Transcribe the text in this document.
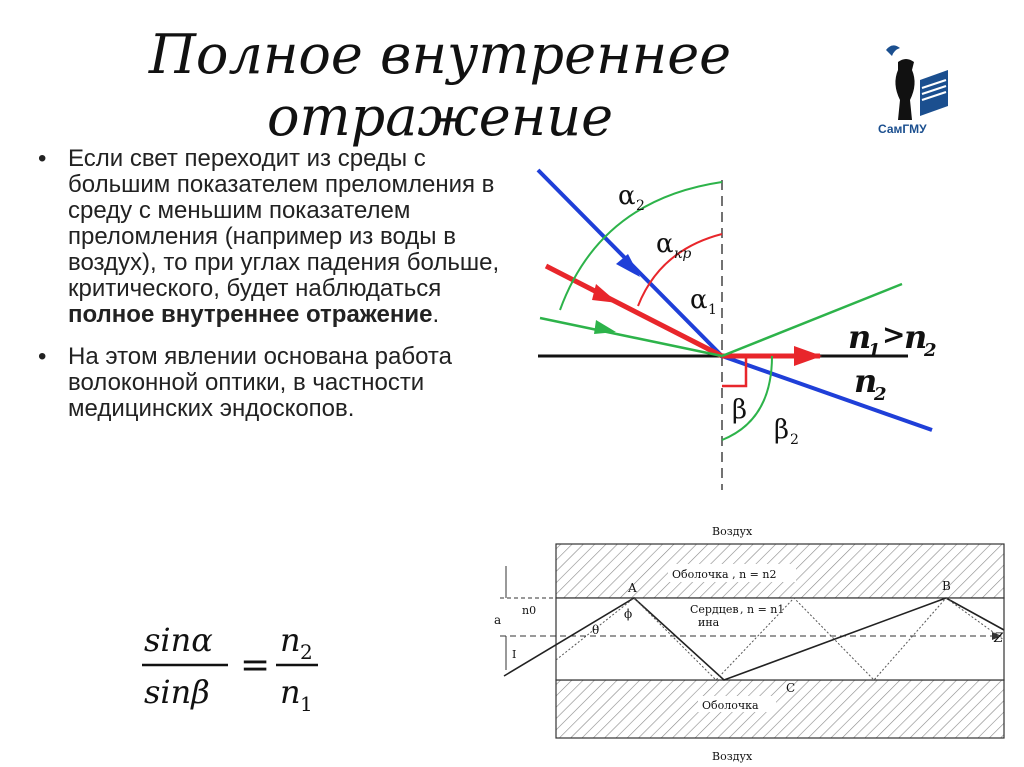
Полное внутреннее
отражение	СамГМУ
• Если свет переходит из среды с большим показателем преломления в среду с меньшим показателем преломления (например из воды в воздух), то при углах падения больше, критического, будет наблюдаться полное внутреннее отражение.
• На этом явлении основана работа волоконной оптики, в частности медицинских эндоскопов.
sinα
sinβ
=
n 2
n 1
α 2
α кр
α 1
β
β 2
n
1 >
n
2
n
2
Воздух
Оболочка , n = n2
Оболочка
Воздух
Сердцев
ина
, n = n1
Z
a
n0
I
A	B
C
ϕ
θ
